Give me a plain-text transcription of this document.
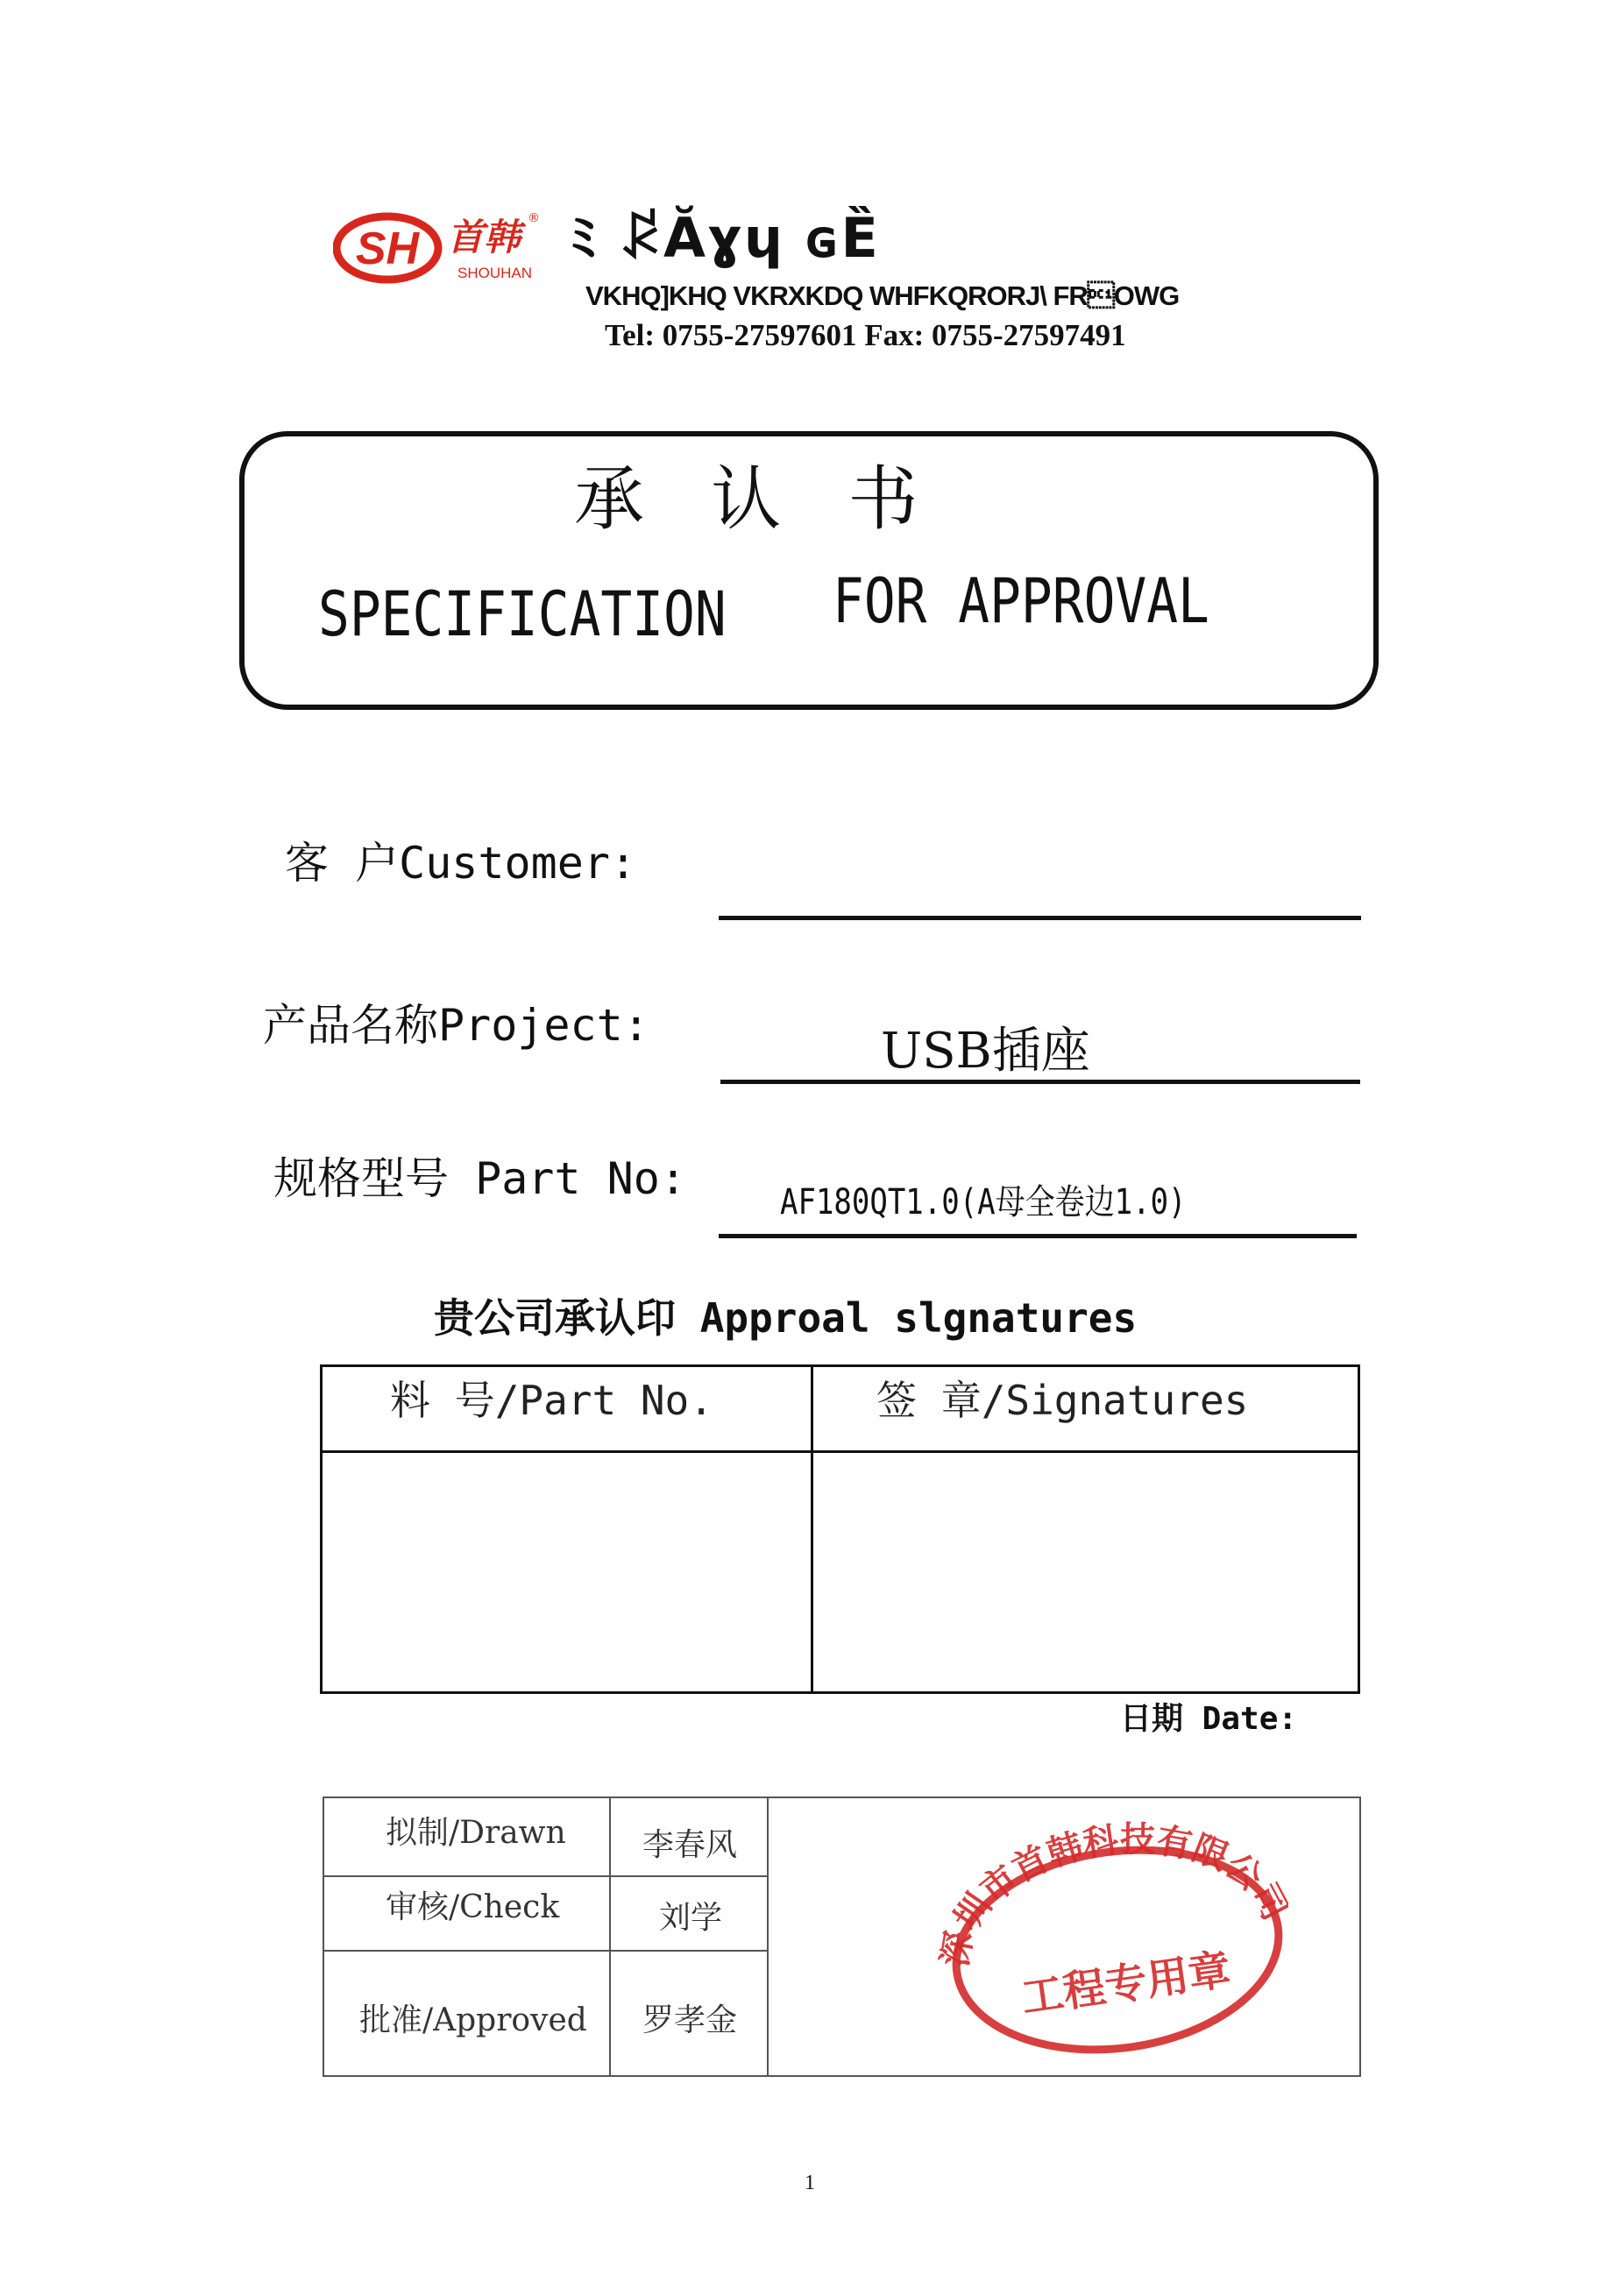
SH 首韩 ®
SHOUHAN
ﾐ ꂰĂɣɥ ɢȄ
VKHQ]KHQ VKRXKDQ WHFKQRORJ\ FROWG
Tel: 0755-27597601 Fax: 0755-27597491
承   认   书
SPECIFICATION FOR APPROVAL
客 户Customer:
产品名称Project:	USB插座
规格型号 Part No:	AF180QT1.0(A母全卷边1.0)
贵公司承认印 Approal slgnatures
料 号/Part No.	签 章/Signatures
日期 Date:
拟制/Drawn 李春风
审核/Check	刘学
批准/Approved 罗孝金
深圳市首韩科技有限公司
工程专用章
1
